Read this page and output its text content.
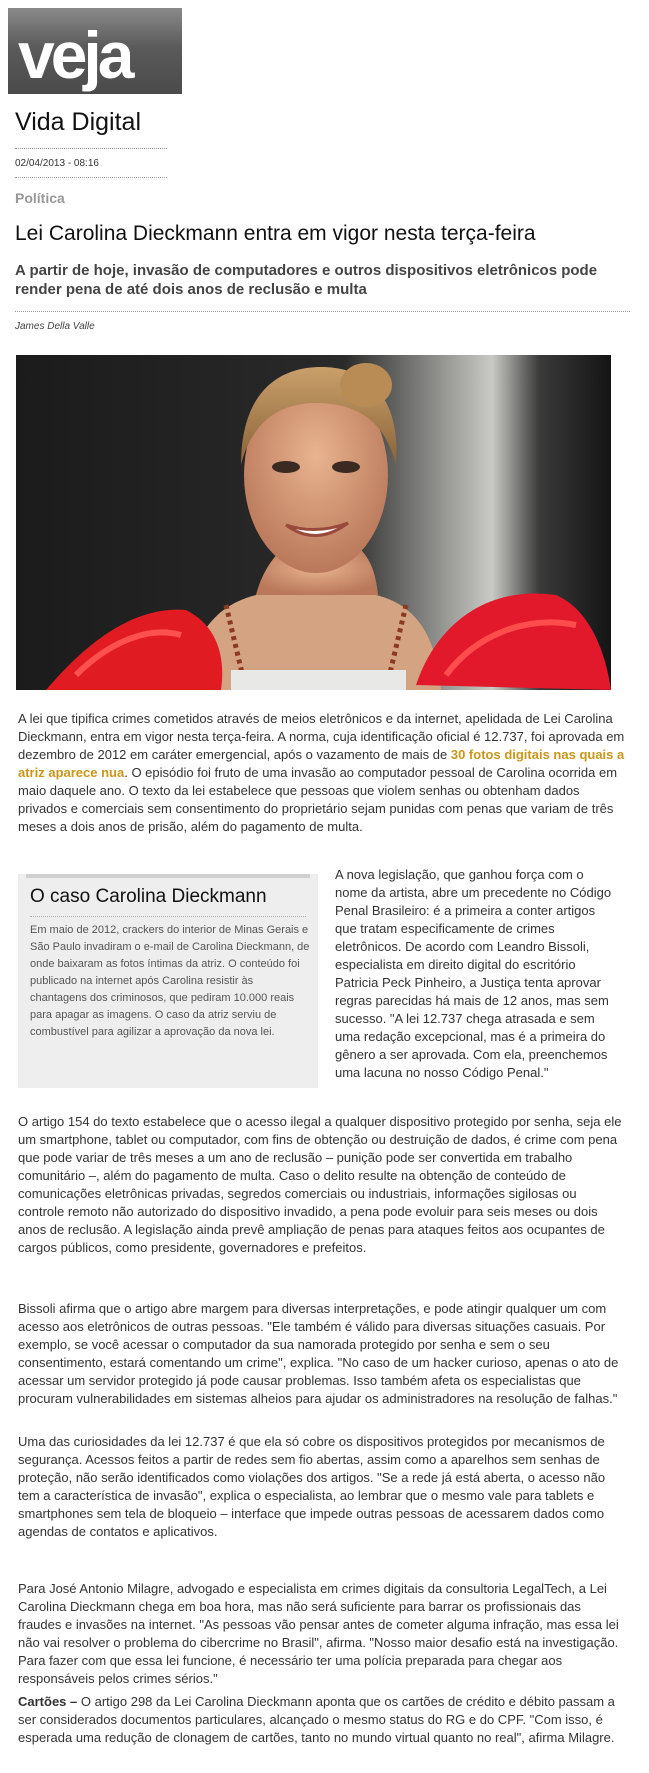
veja
Vida Digital
02/04/2013 - 08:16
Política
Lei Carolina Dieckmann entra em vigor nesta terça-feira

A partir de hoje, invasão de computadores e outros dispositivos eletrônicos pode render pena de até dois anos de reclusão e multa

James Della Valle

A lei que tipifica crimes cometidos através de meios eletrônicos e da internet, apelidada de Lei Carolina Dieckmann, entra em vigor nesta terça-feira. A norma, cuja identificação oficial é 12.737, foi aprovada em dezembro de 2012 em caráter emergencial, após o vazamento de mais de 30 fotos digitais nas quais a atriz aparece nua. O episódio foi fruto de uma invasão ao computador pessoal de Carolina ocorrida em maio daquele ano. O texto da lei estabelece que pessoas que violem senhas ou obtenham dados privados e comerciais sem consentimento do proprietário sejam punidas com penas que variam de três meses a dois anos de prisão, além do pagamento de multa.

O caso Carolina Dieckmann

Em maio de 2012, crackers do interior de Minas Gerais e São Paulo invadiram o e-mail de Carolina Dieckmann, de onde baixaram as fotos íntimas da atriz. O conteúdo foi publicado na internet após Carolina resistir às chantagens dos criminosos, que pediram 10.000 reais para apagar as imagens. O caso da atriz serviu de combustível para agilizar a aprovação da nova lei.

A nova legislação, que ganhou força com o nome da artista, abre um precedente no Código Penal Brasileiro: é a primeira a conter artigos que tratam especificamente de crimes eletrônicos. De acordo com Leandro Bissoli, especialista em direito digital do escritório Patricia Peck Pinheiro, a Justiça tenta aprovar regras parecidas há mais de 12 anos, mas sem sucesso. "A lei 12.737 chega atrasada e sem uma redação excepcional, mas é a primeira do gênero a ser aprovada. Com ela, preenchemos uma lacuna no nosso Código Penal."

O artigo 154 do texto estabelece que o acesso ilegal a qualquer dispositivo protegido por senha, seja ele um smartphone, tablet ou computador, com fins de obtenção ou destruição de dados, é crime com pena que pode variar de três meses a um ano de reclusão – punição pode ser convertida em trabalho comunitário –, além do pagamento de multa. Caso o delito resulte na obtenção de conteúdo de comunicações eletrônicas privadas, segredos comerciais ou industriais, informações sigilosas ou controle remoto não autorizado do dispositivo invadido, a pena pode evoluir para seis meses ou dois anos de reclusão. A legislação ainda prevê ampliação de penas para ataques feitos aos ocupantes de cargos públicos, como presidente, governadores e prefeitos.

Bissoli afirma que o artigo abre margem para diversas interpretações, e pode atingir qualquer um com acesso aos eletrônicos de outras pessoas. "Ele também é válido para diversas situações casuais. Por exemplo, se você acessar o computador da sua namorada protegido por senha e sem o seu consentimento, estará comentando um crime", explica. "No caso de um hacker curioso, apenas o ato de acessar um servidor protegido já pode causar problemas. Isso também afeta os especialistas que procuram vulnerabilidades em sistemas alheios para ajudar os administradores na resolução de falhas."

Uma das curiosidades da lei 12.737 é que ela só cobre os dispositivos protegidos por mecanismos de segurança. Acessos feitos a partir de redes sem fio abertas, assim como a aparelhos sem senhas de proteção, não serão identificados como violações dos artigos. "Se a rede já está aberta, o acesso não tem a característica de invasão", explica o especialista, ao lembrar que o mesmo vale para tablets e smartphones sem tela de bloqueio – interface que impede outras pessoas de acessarem dados como agendas de contatos e aplicativos.

Para José Antonio Milagre, advogado e especialista em crimes digitais da consultoria LegalTech, a Lei Carolina Dieckmann chega em boa hora, mas não será suficiente para barrar os profissionais das fraudes e invasões na internet. "As pessoas vão pensar antes de cometer alguma infração, mas essa lei não vai resolver o problema do cibercrime no Brasil", afirma. "Nosso maior desafio está na investigação. Para fazer com que essa lei funcione, é necessário ter uma polícia preparada para chegar aos responsáveis pelos crimes sérios."

Cartões – O artigo 298 da Lei Carolina Dieckmann aponta que os cartões de crédito e débito passam a ser considerados documentos particulares, alcançado o mesmo status do RG e do CPF. "Com isso, é esperada uma redução de clonagem de cartões, tanto no mundo virtual quanto no real", afirma Milagre.
